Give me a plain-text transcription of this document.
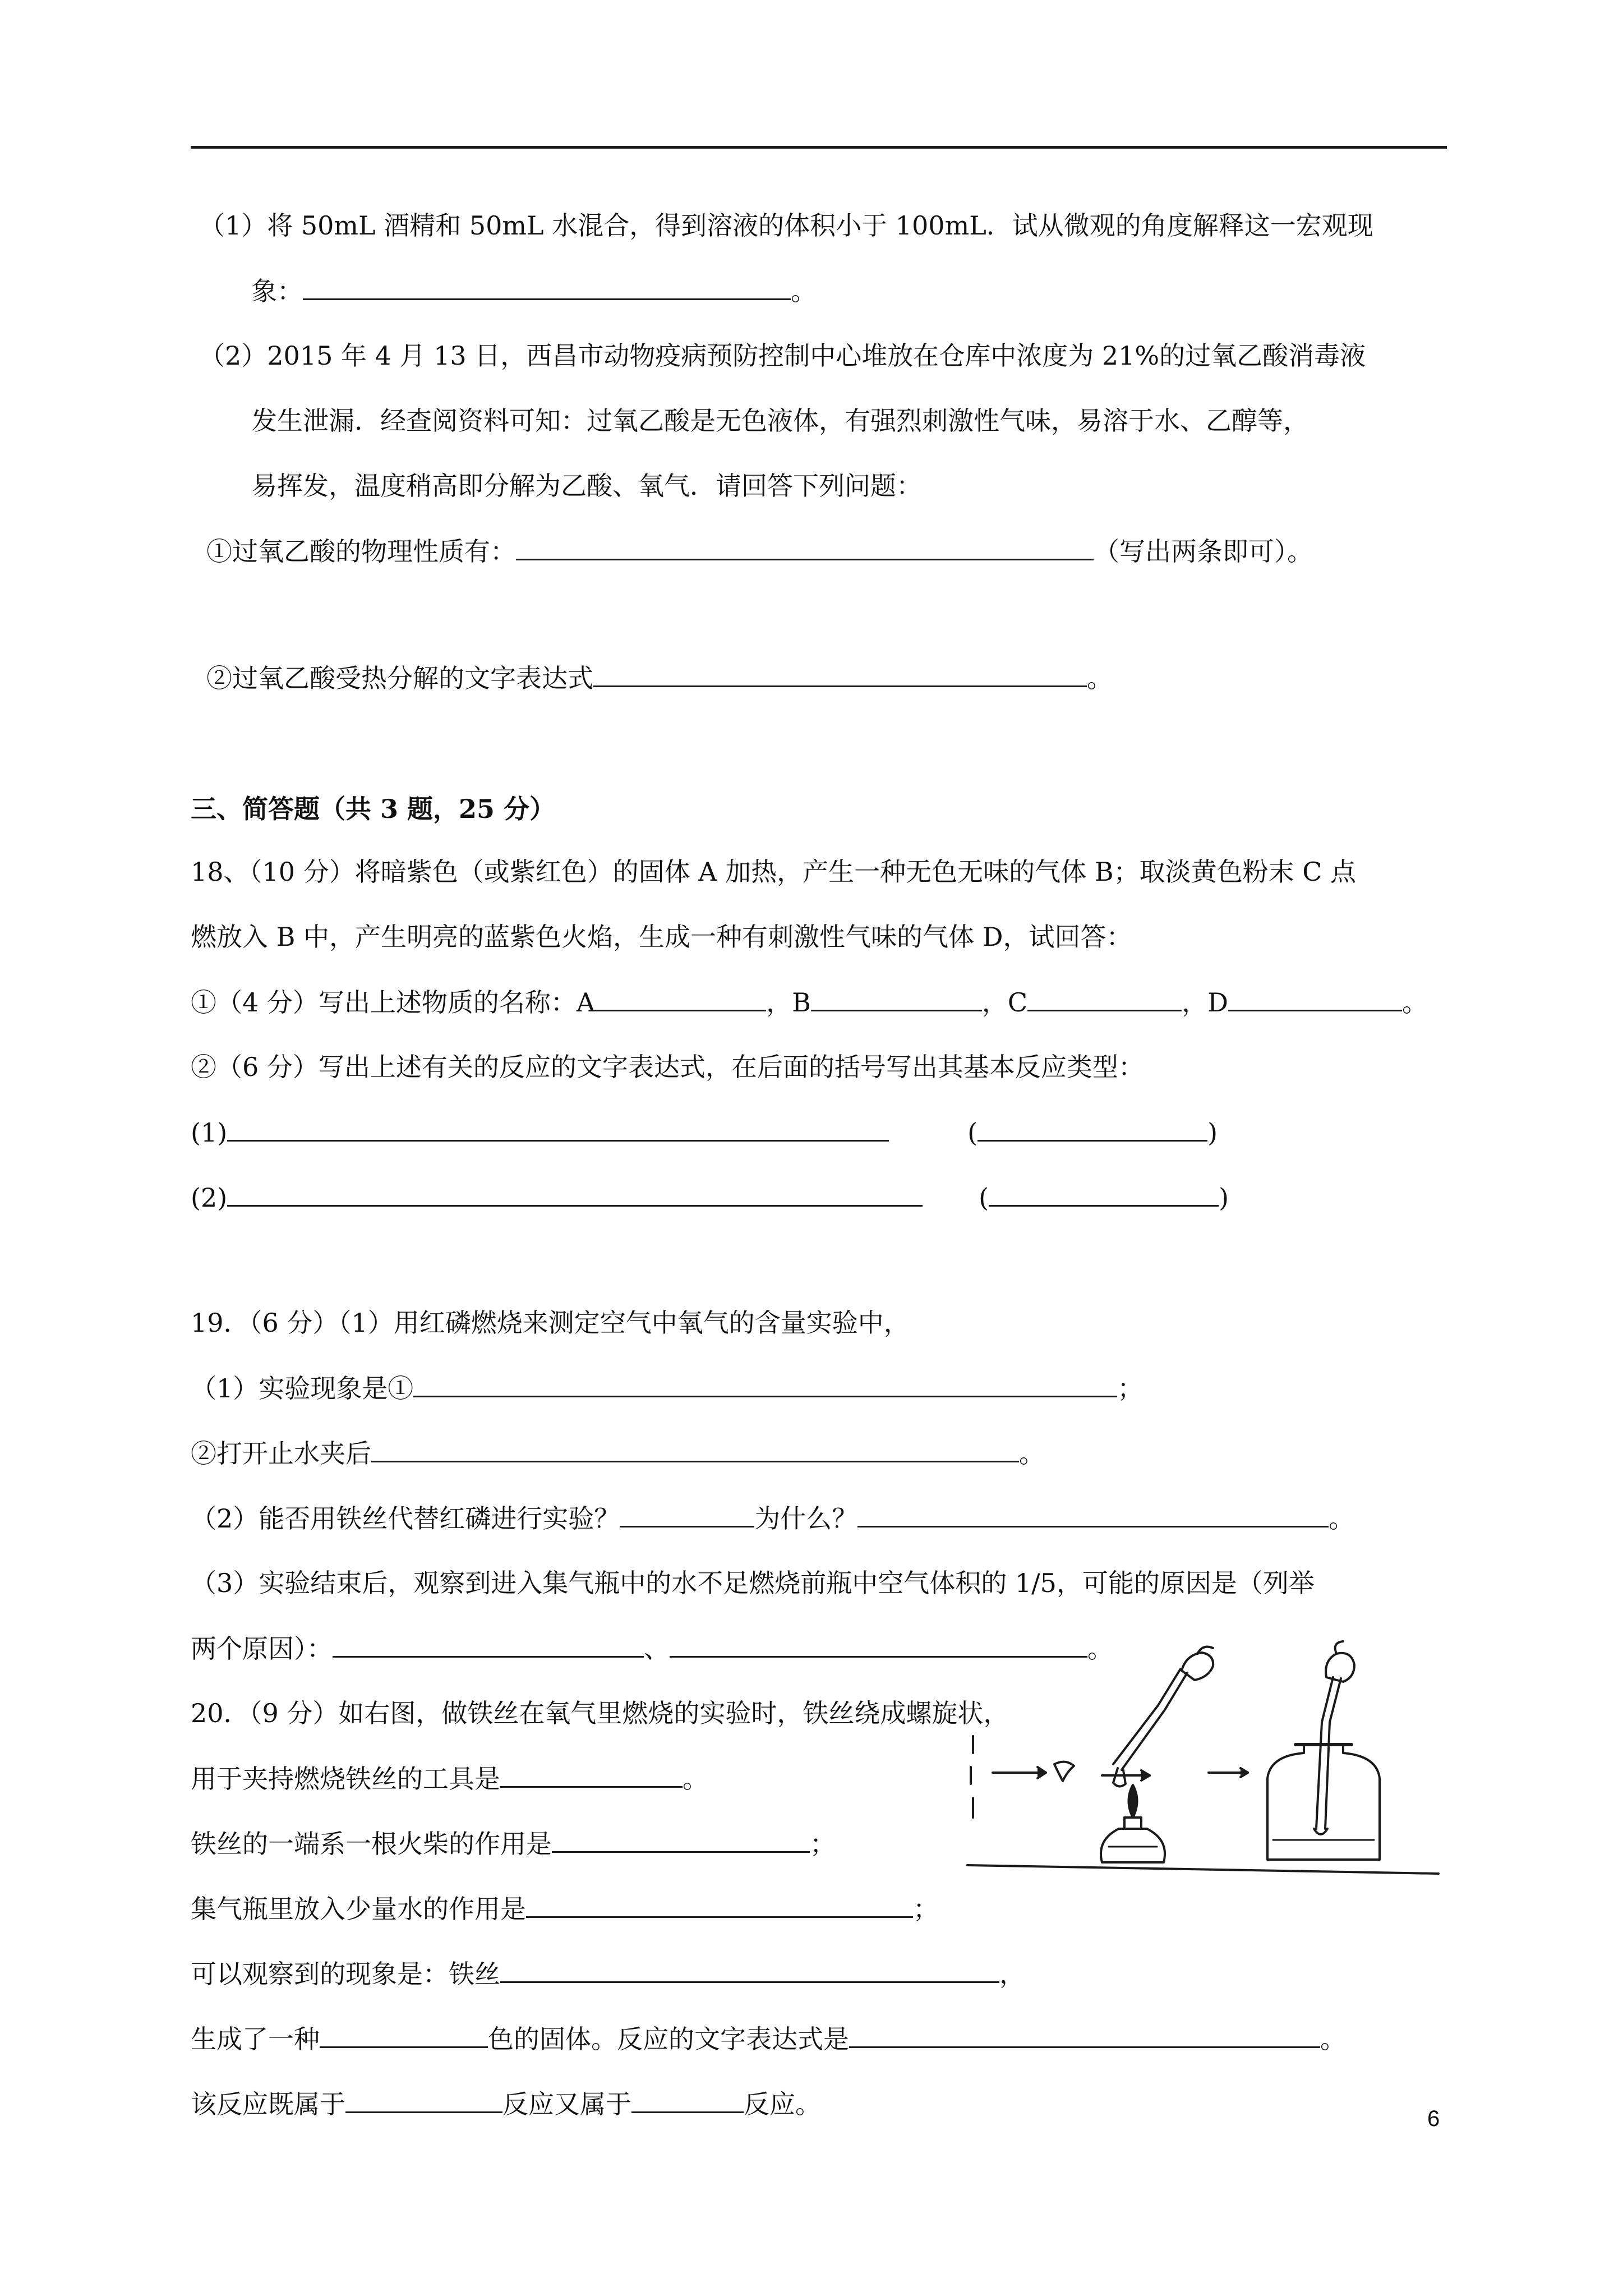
（1）将 50mL 酒精和 50mL 水混合，得到溶液的体积小于 100mL．试从微观的角度解释这一宏观现
象：	。
（2）2015 年 4 月 13 日，西昌市动物疫病预防控制中心堆放在仓库中浓度为 21%的过氧乙酸消毒液
发生泄漏．经查阅资料可知：过氧乙酸是无色液体，有强烈刺激性气味，易溶于水、乙醇等，
易挥发，温度稍高即分解为乙酸、氧气．请回答下列问题：
①过氧乙酸的物理性质有：	（写出两条即可）。
②过氧乙酸受热分解的文字表达式	。
三、简答题（共 3 题，25 分）
18、（10 分）将暗紫色（或紫红色）的固体 A 加热，产生一种无色无味的气体 B；取淡黄色粉末 C 点
燃放入 B 中，产生明亮的蓝紫色火焰，生成一种有刺激性气味的气体 D，试回答：
①（4 分）写出上述物质的名称：A	，B	，C	，D	。
②（6 分）写出上述有关的反应的文字表达式，在后面的括号写出其基本反应类型：
(1)	(	)
(2)	(	)
19．（6 分）（1）用红磷燃烧来测定空气中氧气的含量实验中，
（1）实验现象是①	；
②打开止水夹后	。
（2）能否用铁丝代替红磷进行实验？	为什么？	。
（3）实验结束后，观察到进入集气瓶中的水不足燃烧前瓶中空气体积的 1/5，可能的原因是（列举
两个原因）：	、	。
20．（9 分）如右图，做铁丝在氧气里燃烧的实验时，铁丝绕成螺旋状，
用于夹持燃烧铁丝的工具是	。
铁丝的一端系一根火柴的作用是	；
集气瓶里放入少量水的作用是	；
可以观察到的现象是：铁丝	，
生成了一种	色的固体。反应的文字表达式是	。
该反应既属于	反应又属于	反应。	6
